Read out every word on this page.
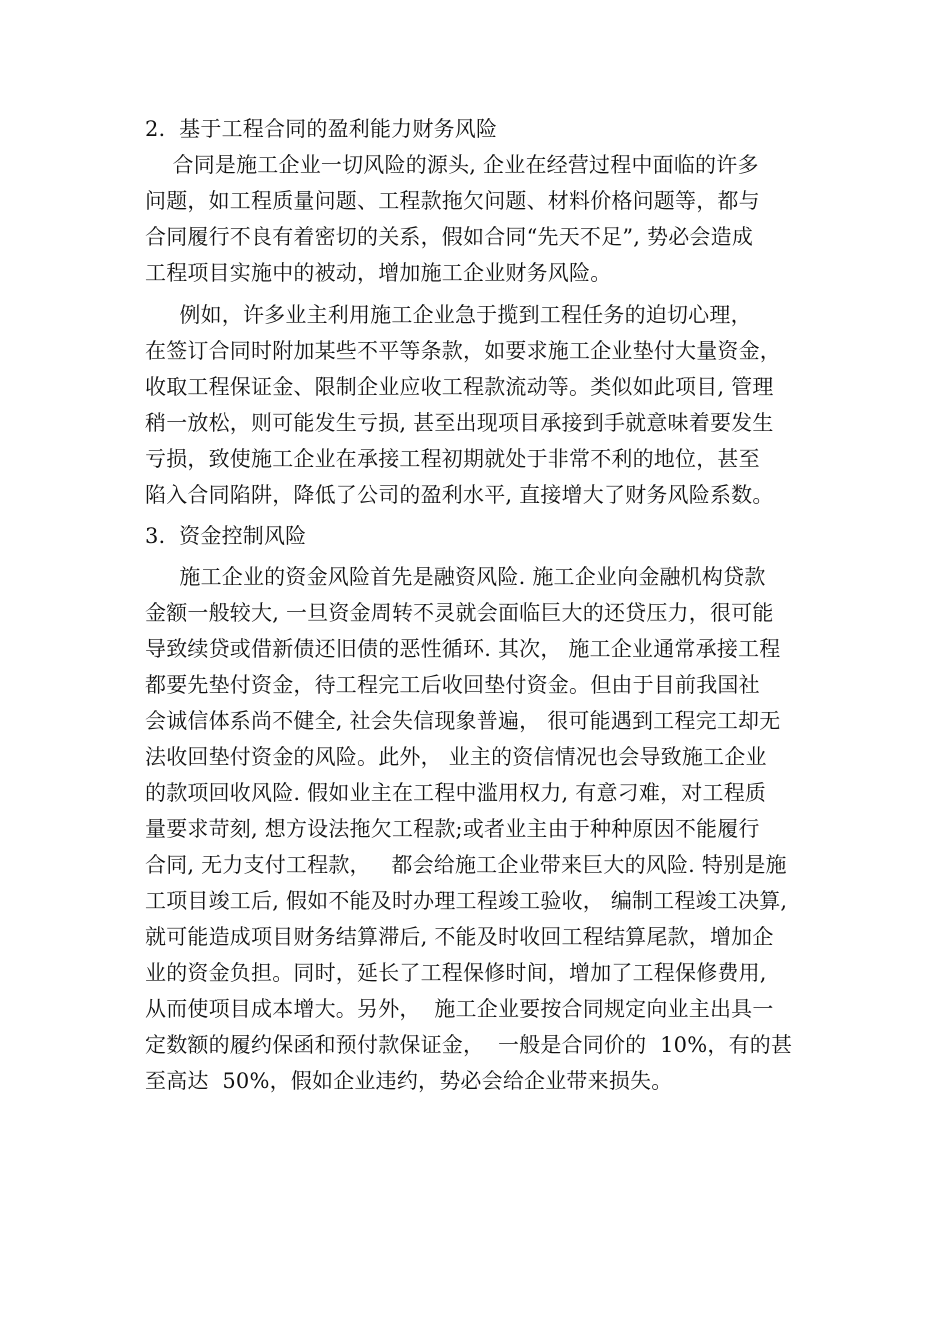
2.  基于工程合同的盈利能力财务风险
合同是施工企业一切风险的源头, 企业在经营过程中面临的许多
问题，如工程质量问题、工程款拖欠问题、材料价格问题等，都与
合同履行不良有着密切的关系，假如合同“先天不足”, 势必会造成
工程项目实施中的被动，增加施工企业财务风险。
例如，许多业主利用施工企业急于揽到工程任务的迫切心理，
在签订合同时附加某些不平等条款，如要求施工企业垫付大量资金，
收取工程保证金、限制企业应收工程款流动等。类似如此项目, 管理
稍一放松，则可能发生亏损, 甚至出现项目承接到手就意味着要发生
亏损，致使施工企业在承接工程初期就处于非常不利的地位，甚至
陷入合同陷阱，降低了公司的盈利水平, 直接增大了财务风险系数。
3.  资金控制风险
施工企业的资金风险首先是融资风险. 施工企业向金融机构贷款
金额一般较大, 一旦资金周转不灵就会面临巨大的还贷压力，很可能
导致续贷或借新债还旧债的恶性循环. 其次， 施工企业通常承接工程
都要先垫付资金，待工程完工后收回垫付资金。但由于目前我国社
会诚信体系尚不健全, 社会失信现象普遍， 很可能遇到工程完工却无
法收回垫付资金的风险。此外， 业主的资信情况也会导致施工企业
的款项回收风险. 假如业主在工程中滥用权力, 有意刁难，对工程质
量要求苛刻, 想方设法拖欠工程款;或者业主由于种种原因不能履行
合同, 无力支付工程款，   都会给施工企业带来巨大的风险. 特别是施
工项目竣工后, 假如不能及时办理工程竣工验收， 编制工程竣工决算,
就可能造成项目财务结算滞后, 不能及时收回工程结算尾款，增加企
业的资金负担。同时，延长了工程保修时间，增加了工程保修费用,
从而使项目成本增大。另外，  施工企业要按合同规定向业主出具一
定数额的履约保函和预付款保证金，  一般是合同价的  10%，有的甚
至高达  50%，假如企业违约，势必会给企业带来损失。
